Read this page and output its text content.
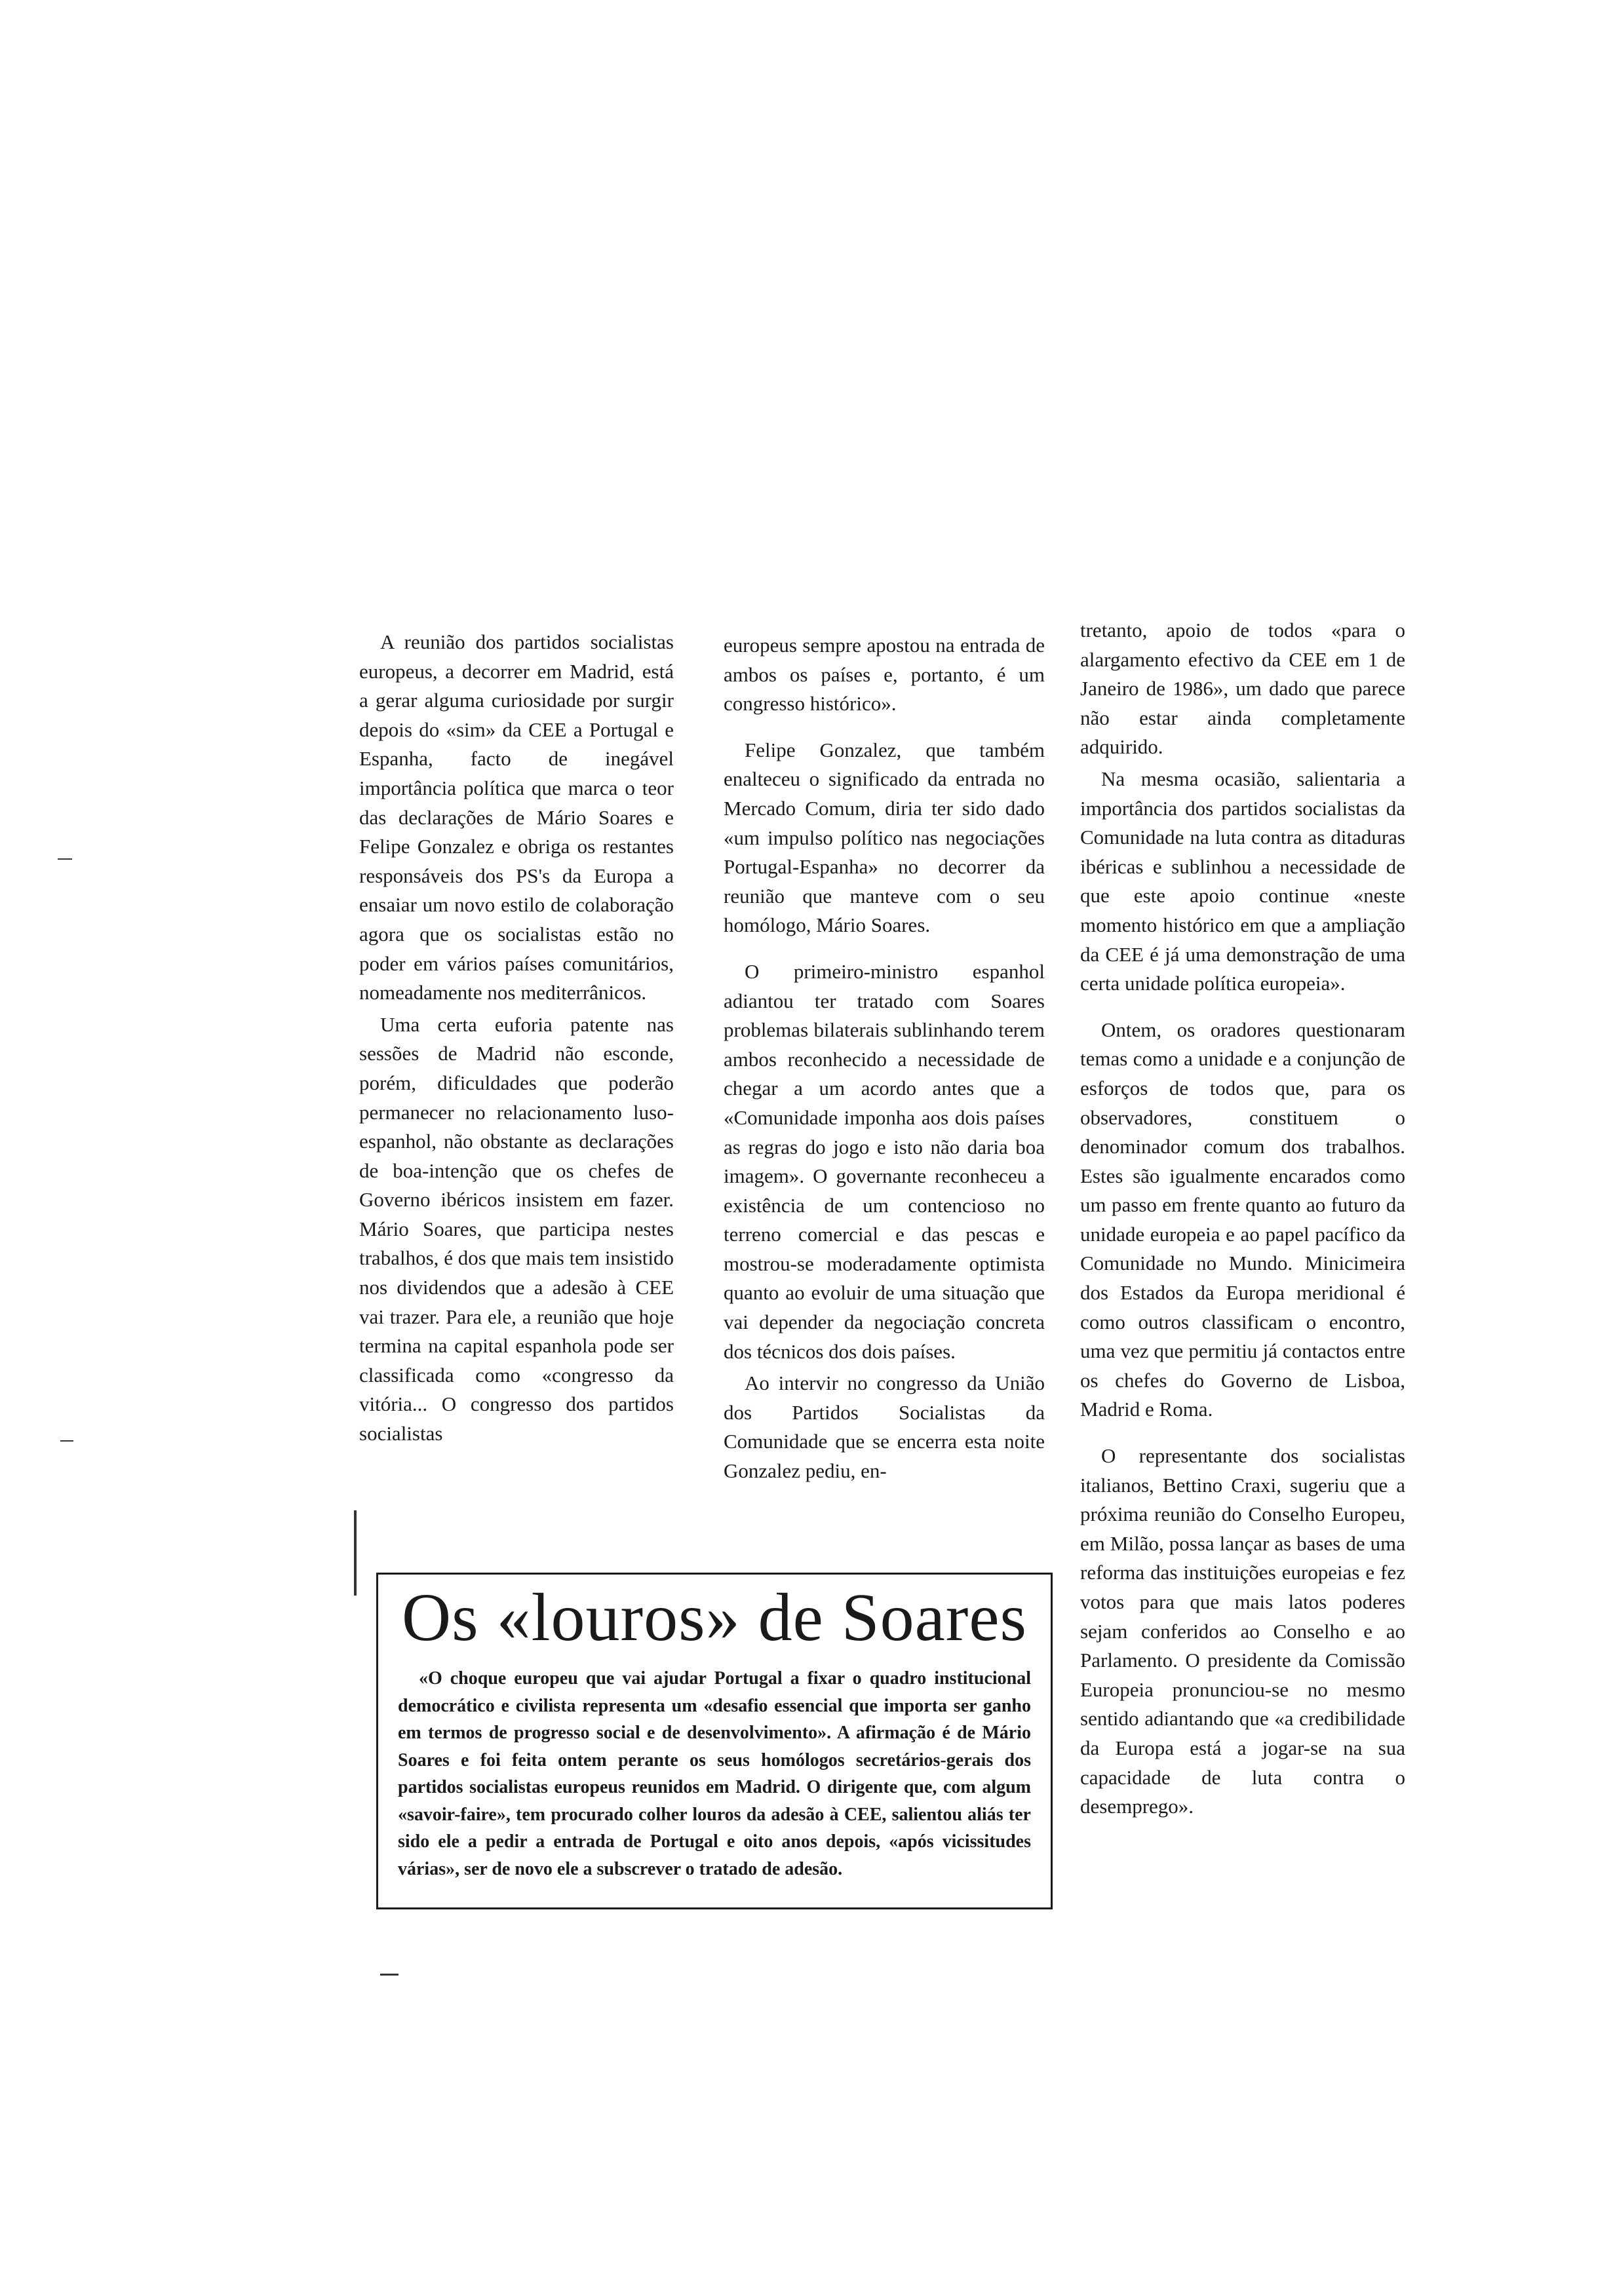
A reunião dos partidos socialistas europeus, a decorrer em Madrid, está a gerar alguma curiosidade por surgir depois do «sim» da CEE a Portugal e Espanha, facto de inegável importância política que marca o teor das declarações de Mário Soares e Felipe Gonzalez e obriga os restantes responsáveis dos PS's da Europa a ensaiar um novo estilo de colaboração agora que os socialistas estão no poder em vários países comunitários, nomeadamente nos mediterrânicos.

Uma certa euforia patente nas sessões de Madrid não esconde, porém, dificuldades que poderão permanecer no relacionamento luso-espanhol, não obstante as declarações de boa-intenção que os chefes de Governo ibéricos insistem em fazer. Mário Soares, que participa nestes trabalhos, é dos que mais tem insistido nos dividendos que a adesão à CEE vai trazer. Para ele, a reunião que hoje termina na capital espanhola pode ser classificada como «congresso da vitória... O congresso dos partidos socialistas

europeus sempre apostou na entrada de ambos os países e, portanto, é um congresso histórico».

Felipe Gonzalez, que também enalteceu o significado da entrada no Mercado Comum, diria ter sido dado «um impulso político nas negociações Portugal-Espanha» no decorrer da reunião que manteve com o seu homólogo, Mário Soares.

O primeiro-ministro espanhol adiantou ter tratado com Soares problemas bilaterais sublinhando terem ambos reconhecido a necessidade de chegar a um acordo antes que a «Comunidade imponha aos dois países as regras do jogo e isto não daria boa imagem». O governante reconheceu a existência de um contencioso no terreno comercial e das pescas e mostrou-se moderadamente optimista quanto ao evoluir de uma situação que vai depender da negociação concreta dos técnicos dos dois países.

Ao intervir no congresso da União dos Partidos Socialistas da Comunidade que se encerra esta noite Gonzalez pediu, en-

tretanto, apoio de todos «para o alargamento efectivo da CEE em 1 de Janeiro de 1986», um dado que parece não estar ainda completamente adquirido.

Na mesma ocasião, salientaria a importância dos partidos socialistas da Comunidade na luta contra as ditaduras ibéricas e sublinhou a necessidade de que este apoio continue «neste momento histórico em que a ampliação da CEE é já uma demonstração de uma certa unidade política europeia».

Ontem, os oradores questionaram temas como a unidade e a conjunção de esforços de todos que, para os observadores, constituem o denominador comum dos trabalhos. Estes são igualmente encarados como um passo em frente quanto ao futuro da unidade europeia e ao papel pacífico da Comunidade no Mundo. Minicimeira dos Estados da Europa meridional é como outros classificam o encontro, uma vez que permitiu já contactos entre os chefes do Governo de Lisboa, Madrid e Roma.

O representante dos socialistas italianos, Bettino Craxi, sugeriu que a próxima reunião do Conselho Europeu, em Milão, possa lançar as bases de uma reforma das instituições europeias e fez votos para que mais latos poderes sejam conferidos ao Conselho e ao Parlamento. O presidente da Comissão Europeia pronunciou-se no mesmo sentido adiantando que «a credibilidade da Europa está a jogar-se na sua capacidade de luta contra o desemprego».

Os «louros» de Soares

«O choque europeu que vai ajudar Portugal a fixar o quadro institucional democrático e civilista representa um «desafio essencial que importa ser ganho em termos de progresso social e de desenvolvimento». A afirmação é de Mário Soares e foi feita ontem perante os seus homólogos secretários-gerais dos partidos socialistas europeus reunidos em Madrid. O dirigente que, com algum «savoir-faire», tem procurado colher louros da adesão à CEE, salientou aliás ter sido ele a pedir a entrada de Portugal e oito anos depois, «após vicissitudes várias», ser de novo ele a subscrever o tratado de adesão.
